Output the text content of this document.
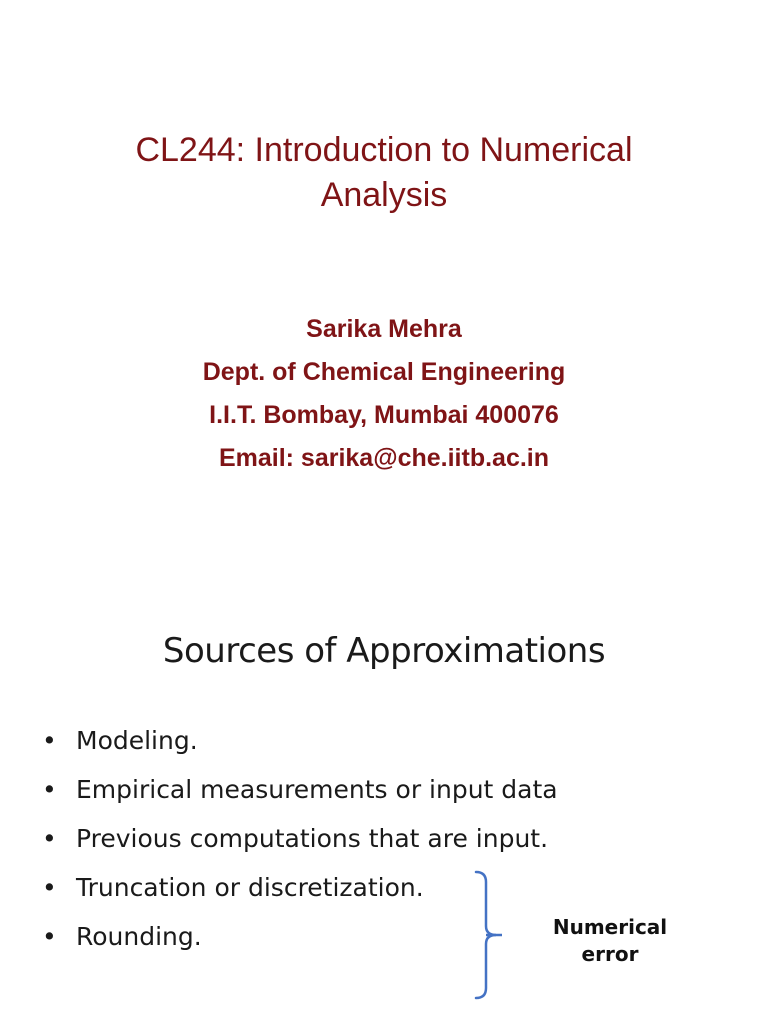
CL244: Introduction to Numerical
Analysis
Sarika Mehra
Dept. of Chemical Engineering
I.I.T. Bombay, Mumbai 400076
Email: sarika@che.iitb.ac.in
Sources of Approximations
• Modeling.
• Empirical measurements or input data
• Previous computations that are input.
• Truncation or discretization.
• Rounding.	Numerical
error
